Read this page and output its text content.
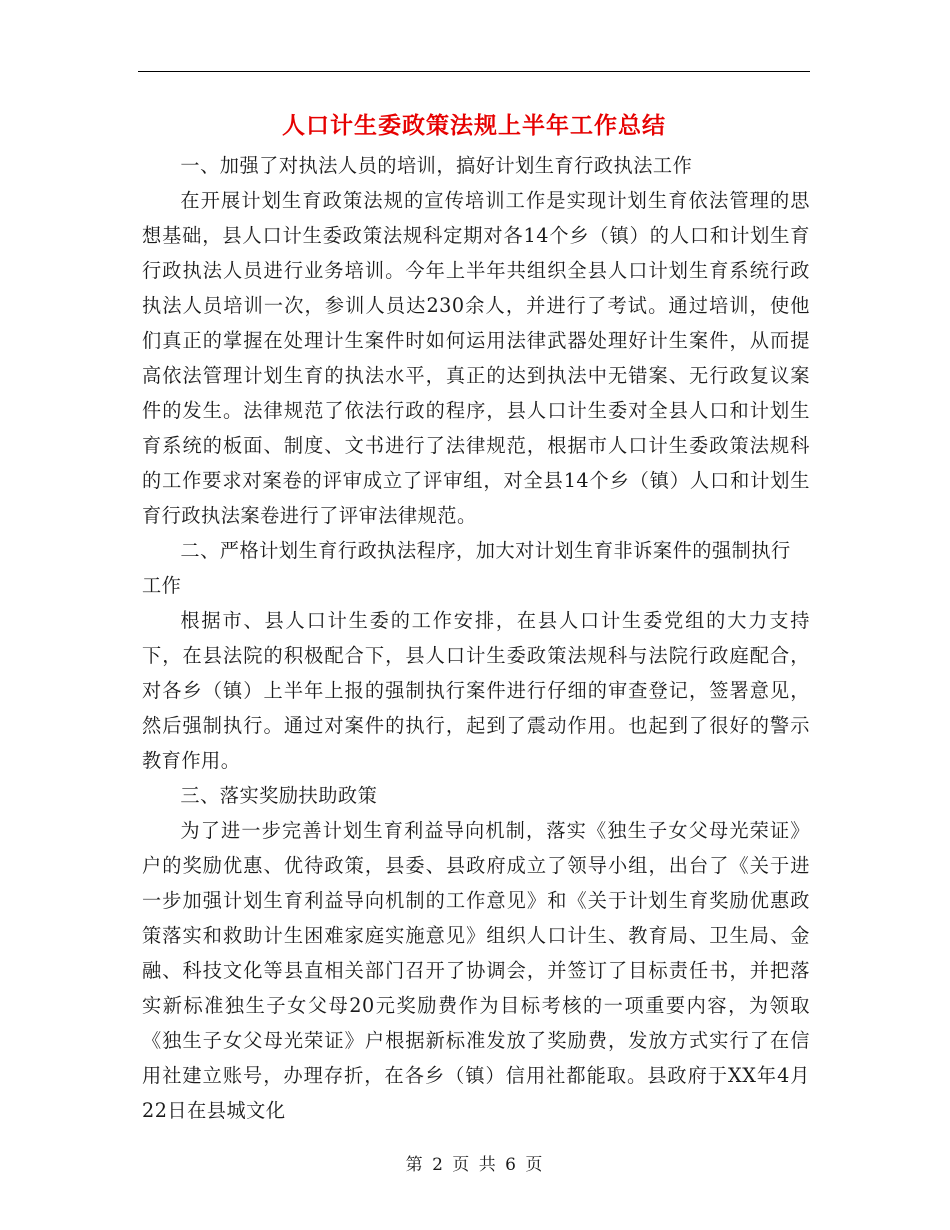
人口计生委政策法规上半年工作总结

一、加强了对执法人员的培训，搞好计划生育行政执法工作

在开展计划生育政策法规的宣传培训工作是实现计划生育依法管理的思想基础，县人口计生委政策法规科定期对各14个乡（镇）的人口和计划生育行政执法人员进行业务培训。今年上半年共组织全县人口计划生育系统行政执法人员培训一次，参训人员达230余人，并进行了考试。通过培训，使他们真正的掌握在处理计生案件时如何运用法律武器处理好计生案件，从而提高依法管理计划生育的执法水平，真正的达到执法中无错案、无行政复议案件的发生。法律规范了依法行政的程序，县人口计生委对全县人口和计划生育系统的板面、制度、文书进行了法律规范，根据市人口计生委政策法规科的工作要求对案卷的评审成立了评审组，对全县14个乡（镇）人口和计划生育行政执法案卷进行了评审法律规范。

二、严格计划生育行政执法程序，加大对计划生育非诉案件的强制执行工作

根据市、县人口计生委的工作安排，在县人口计生委党组的大力支持下，在县法院的积极配合下，县人口计生委政策法规科与法院行政庭配合，对各乡（镇）上半年上报的强制执行案件进行仔细的审查登记，签署意见，然后强制执行。通过对案件的执行，起到了震动作用。也起到了很好的警示教育作用。

三、落实奖励扶助政策

为了进一步完善计划生育利益导向机制，落实《独生子女父母光荣证》户的奖励优惠、优待政策，县委、县政府成立了领导小组，出台了《关于进一步加强计划生育利益导向机制的工作意见》和《关于计划生育奖励优惠政策落实和救助计生困难家庭实施意见》组织人口计生、教育局、卫生局、金融、科技文化等县直相关部门召开了协调会，并签订了目标责任书，并把落实新标准独生子女父母20元奖励费作为目标考核的一项重要内容，为领取《独生子女父母光荣证》户根据新标准发放了奖励费，发放方式实行了在信用社建立账号，办理存折，在各乡（镇）信用社都能取。县政府于XX年4月22日在县城文化

第 2 页 共 6 页
